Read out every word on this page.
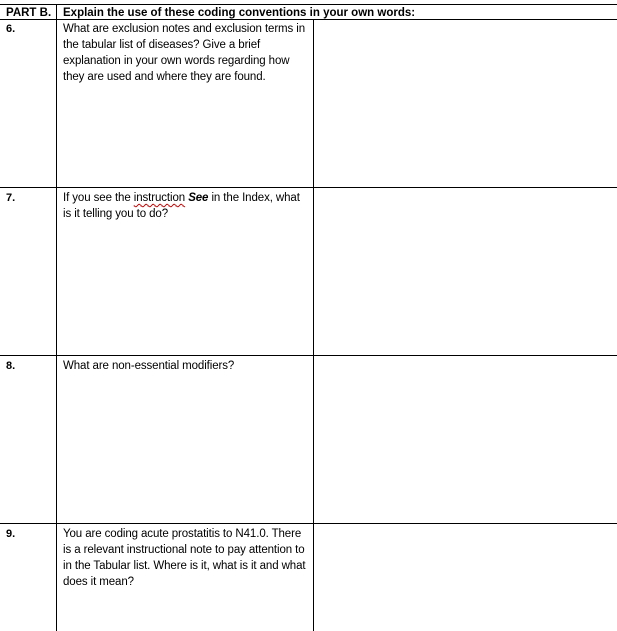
PART B. Explain the use of these coding conventions in your own words:
6.	What are exclusion notes and exclusion terms in the tabular list of diseases? Give a brief explanation in your own words regarding how they are used and where they are found.
7.	If you see the instruction See in the Index, what is it telling you to do?
8.	What are non-essential modifiers?
9.	You are coding acute prostatitis to N41.0. There is a relevant instructional note to pay attention to in the Tabular list. Where is it, what is it and what does it mean?
